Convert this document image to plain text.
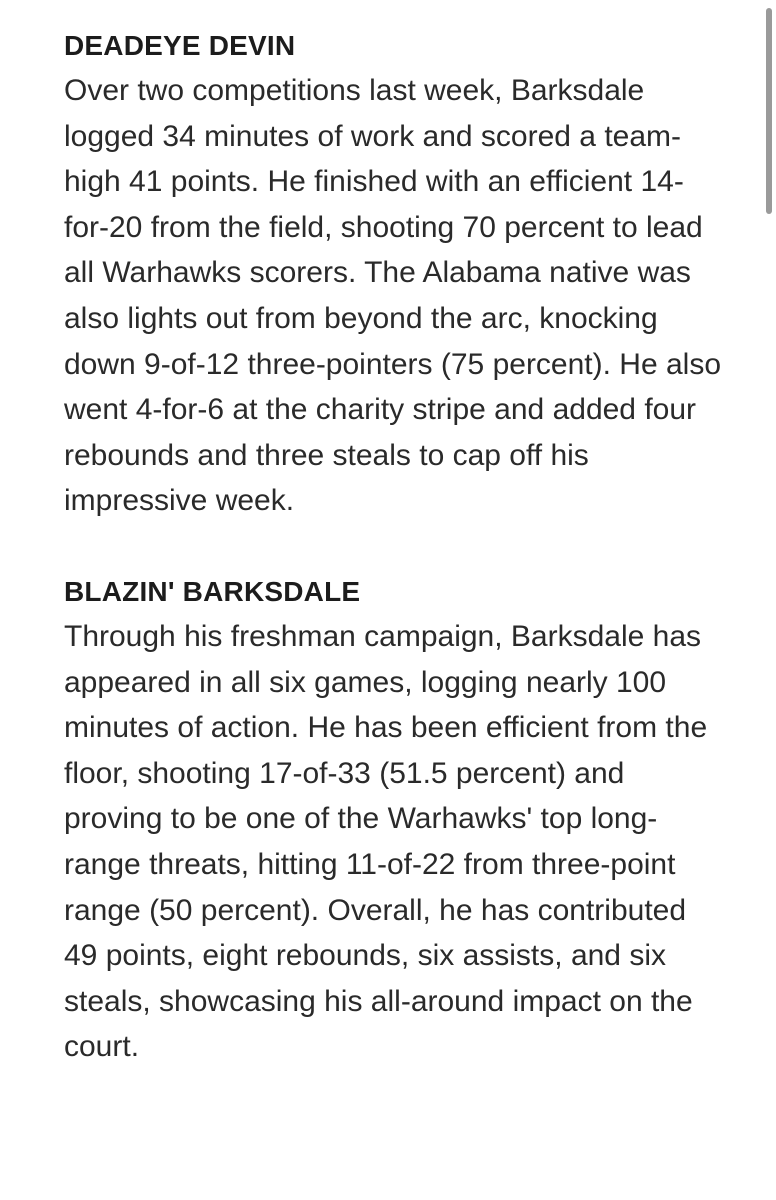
DEADEYE DEVIN

Over two competitions last week, Barksdale logged 34 minutes of work and scored a team-high 41 points. He finished with an efficient 14-for-20 from the field, shooting 70 percent to lead all Warhawks scorers. The Alabama native was also lights out from beyond the arc, knocking down 9-of-12 three-pointers (75 percent). He also went 4-for-6 at the charity stripe and added four rebounds and three steals to cap off his impressive week.

BLAZIN' BARKSDALE

Through his freshman campaign, Barksdale has appeared in all six games, logging nearly 100 minutes of action. He has been efficient from the floor, shooting 17-of-33 (51.5 percent) and proving to be one of the Warhawks' top long-range threats, hitting 11-of-22 from three-point range (50 percent). Overall, he has contributed 49 points, eight rebounds, six assists, and six steals, showcasing his all-around impact on the court.
